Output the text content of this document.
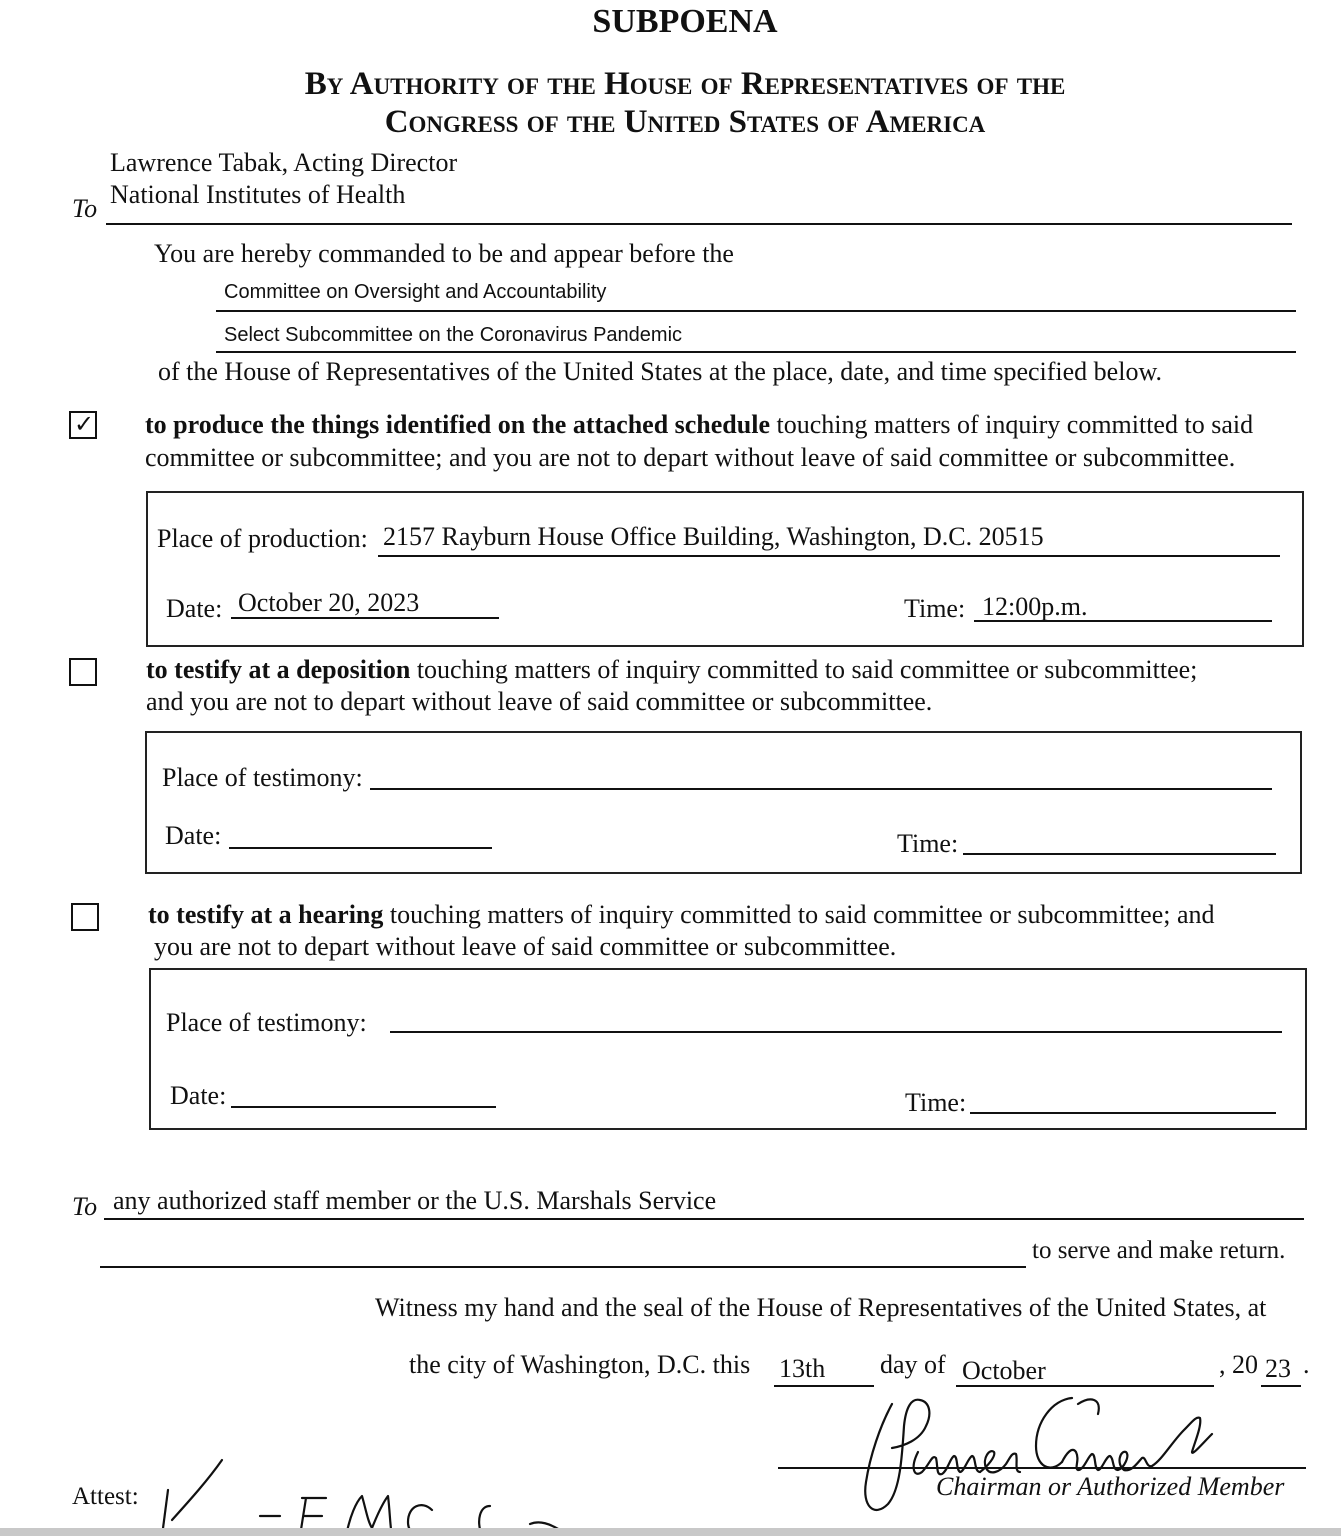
SUBPOENA
By Authority of the House of Representatives of the
Congress of the United States of America
Lawrence Tabak, Acting Director
National Institutes of Health
To
You are hereby commanded to be and appear before the
Committee on Oversight and Accountability
Select Subcommittee on the Coronavirus Pandemic
of the House of Representatives of the United States at the place, date, and time specified below.
✓ to produce the things identified on the attached schedule touching matters of inquiry committed to said
committee or subcommittee; and you are not to depart without leave of said committee or subcommittee.
Place of production: 2157 Rayburn House Office Building, Washington, D.C. 20515
Date: October 20, 2023	Time: 12:00p.m.
to testify at a deposition touching matters of inquiry committed to said committee or subcommittee;
and you are not to depart without leave of said committee or subcommittee.
Place of testimony:
Date:	Time:
to testify at a hearing touching matters of inquiry committed to said committee or subcommittee; and
you are not to depart without leave of said committee or subcommittee.
Place of testimony:
Date:	Time:
To any authorized staff member or the U.S. Marshals Service
to serve and make return.
Witness my hand and the seal of the House of Representatives of the United States, at
the city of Washington, D.C. this 13th day of October	, 20 23 .
Chairman or Authorized Member
Attest:
